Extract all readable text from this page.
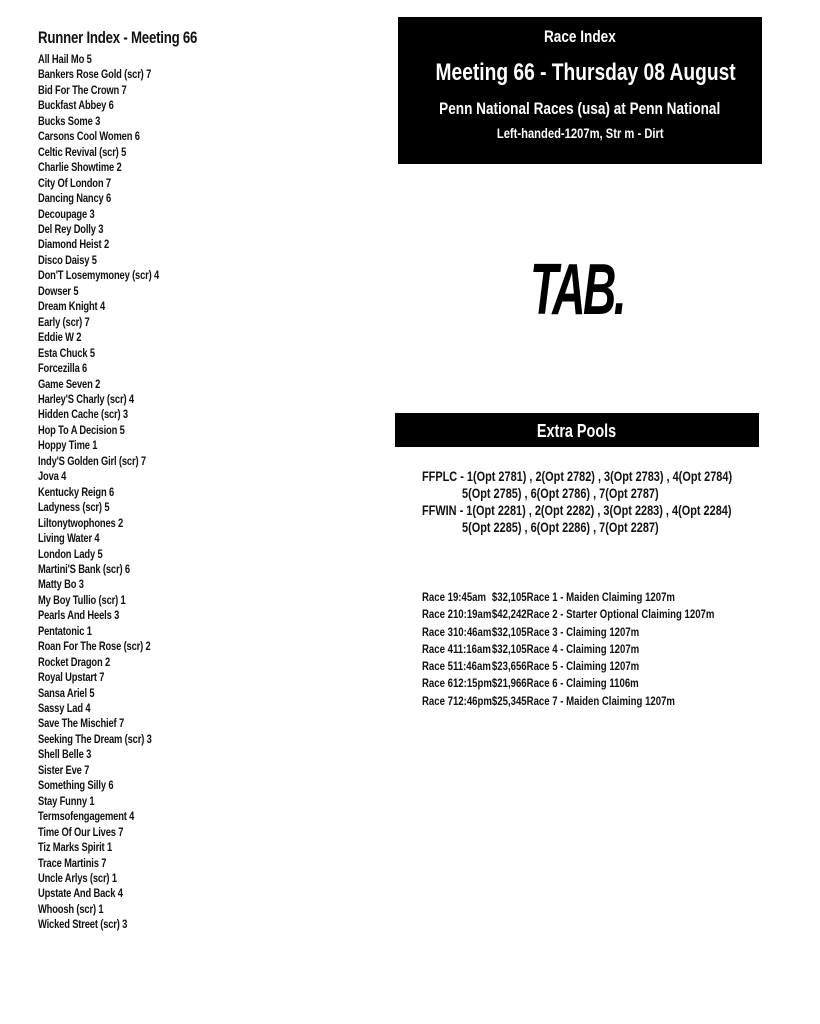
Runner Index - Meeting 66
All Hail Mo 5
Bankers Rose Gold (scr) 7
Bid For The Crown 7
Buckfast Abbey 6
Bucks Some 3
Carsons Cool Women 6
Celtic Revival (scr) 5
Charlie Showtime 2
City Of London 7
Dancing Nancy 6
Decoupage 3
Del Rey Dolly 3
Diamond Heist 2
Disco Daisy 5
Don'T Losemymoney (scr) 4
Dowser 5
Dream Knight 4
Early (scr) 7
Eddie W 2
Esta Chuck 5
Forcezilla 6
Game Seven 2
Harley'S Charly (scr) 4
Hidden Cache (scr) 3
Hop To A Decision 5
Hoppy Time 1
Indy'S Golden Girl (scr) 7
Jova 4
Kentucky Reign 6
Ladyness (scr) 5
Liltonytwophones 2
Living Water 4
London Lady 5
Martini'S Bank (scr) 6
Matty Bo 3
My Boy Tullio (scr) 1
Pearls And Heels 3
Pentatonic 1
Roan For The Rose (scr) 2
Rocket Dragon 2
Royal Upstart 7
Sansa Ariel 5
Sassy Lad 4
Save The Mischief 7
Seeking The Dream (scr) 3
Shell Belle 3
Sister Eve 7
Something Silly 6
Stay Funny 1
Termsofengagement 4
Time Of Our Lives 7
Tiz Marks Spirit 1
Trace Martinis 7
Uncle Arlys (scr) 1
Upstate And Back 4
Whoosh (scr) 1
Wicked Street (scr) 3
Race Index
Meeting 66 - Thursday 08 August
Penn National Races (usa) at Penn National
Left-handed-1207m, Str m - Dirt
TAB.
Extra Pools
FFPLC - 1(Opt 2781) , 2(Opt 2782) , 3(Opt 2783) , 4(Opt 2784)
5(Opt 2785) , 6(Opt 2786) , 7(Opt 2787)
FFWIN - 1(Opt 2281) , 2(Opt 2282) , 3(Opt 2283) , 4(Opt 2284)
5(Opt 2285) , 6(Opt 2286) , 7(Opt 2287)
Race 1	9:45am	$32,105	Race 1 - Maiden Claiming 1207m
Race 2	10:19am	$42,242	Race 2 - Starter Optional Claiming 1207m
Race 3	10:46am	$32,105	Race 3 - Claiming 1207m
Race 4	11:16am	$32,105	Race 4 - Claiming 1207m
Race 5	11:46am	$23,656	Race 5 - Claiming 1207m
Race 6	12:15pm	$21,966	Race 6 - Claiming 1106m
Race 7	12:46pm	$25,345	Race 7 - Maiden Claiming 1207m
